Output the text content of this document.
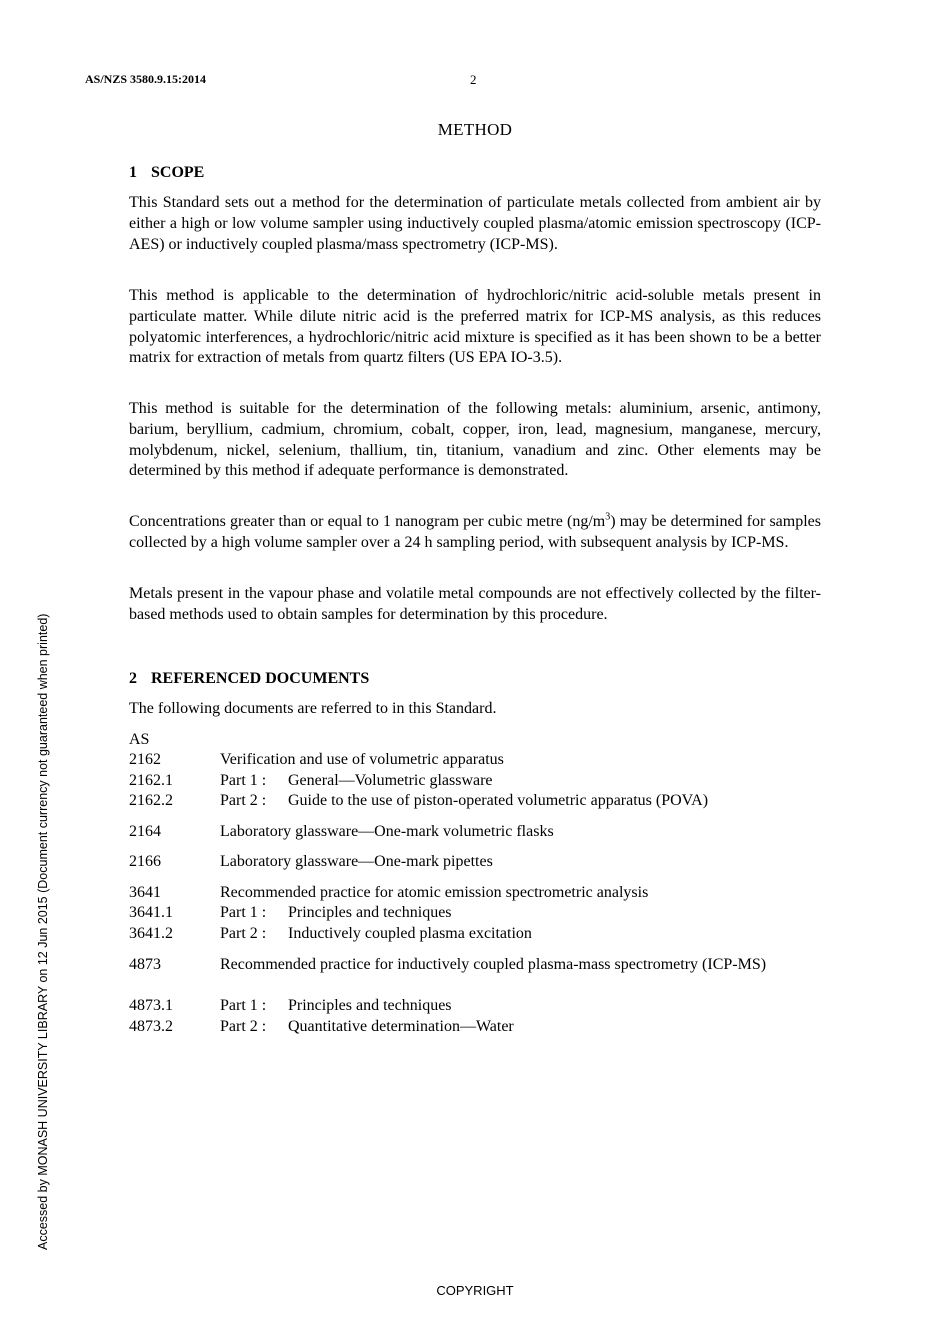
AS/NZS 3580.9.15:2014	2
METHOD
1 SCOPE

This Standard sets out a method for the determination of particulate metals collected from ambient air by either a high or low volume sampler using inductively coupled plasma/atomic emission spectroscopy (ICP-AES) or inductively coupled plasma/mass spectrometry (ICP-MS).

This method is applicable to the determination of hydrochloric/nitric acid-soluble metals present in particulate matter. While dilute nitric acid is the preferred matrix for ICP-MS analysis, as this reduces polyatomic interferences, a hydrochloric/nitric acid mixture is specified as it has been shown to be a better matrix for extraction of metals from quartz filters (US EPA IO-3.5).

This method is suitable for the determination of the following metals: aluminium, arsenic, antimony, barium, beryllium, cadmium, chromium, cobalt, copper, iron, lead, magnesium, manganese, mercury, molybdenum, nickel, selenium, thallium, tin, titanium, vanadium and zinc. Other elements may be determined by this method if adequate performance is demonstrated.

Concentrations greater than or equal to 1 nanogram per cubic metre $(ng/m^3)$ may be determined for samples collected by a high volume sampler over a 24 h sampling period, with subsequent analysis by ICP-MS.

Metals present in the vapour phase and volatile metal compounds are not effectively collected by the filter-based methods used to obtain samples for determination by this procedure.

2 REFERENCED DOCUMENTS

The following documents are referred to in this Standard.

AS

2162	Verification and use of volumetric apparatus
2162.1	Part 1 : General—Volumetric glassware
2162.2	Part 2 : Guide to the use of piston-operated volumetric apparatus (POVA)
2164	Laboratory glassware—One-mark volumetric flasks
2166	Laboratory glassware—One-mark pipettes
3641	Recommended practice for atomic emission spectrometric analysis
3641.1	Part 1 : Principles and techniques
3641.2	Part 2 : Inductively coupled plasma excitation
4873	Recommended practice for inductively coupled plasma-mass spectrometry (ICP-MS)
4873.1	Part 1 : Principles and techniques
4873.2	Part 2 : Quantitative determination—Water
Accessed by MONASH UNIVERSITY LIBRARY on 12 Jun 2015 (Document currency not guaranteed when printed)
COPYRIGHT
